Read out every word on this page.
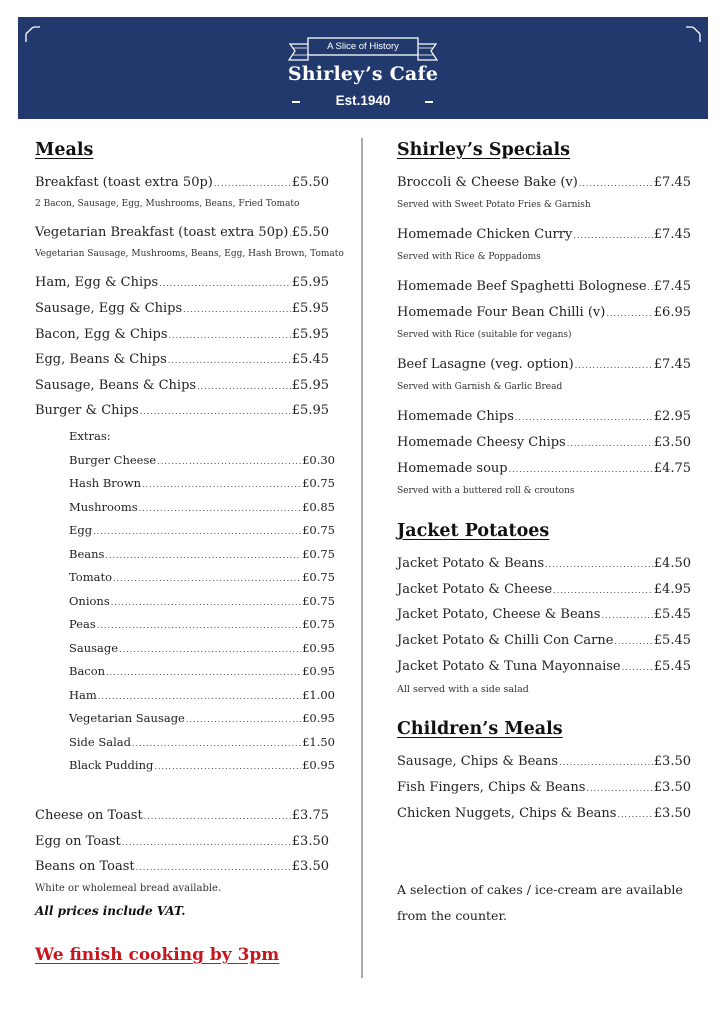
A Slice of History
Shirley’s Cafe
Est.1940
Meals
Breakfast (toast extra 50p) .....	£5.50
2 Bacon, Sausage, Egg, Mushrooms, Beans, Fried Tomato
Vegetarian Breakfast (toast extra 50p) ..... £5.50
Vegetarian Sausage, Mushrooms, Beans, Egg, Hash Brown, Tomato
Ham, Egg & Chips .....	£5.95
Sausage, Egg & Chips .....	£5.95
Bacon, Egg & Chips .....	£5.95
Egg, Beans & Chips .....	£5.45
Sausage, Beans & Chips .....	£5.95
Burger & Chips .....	£5.95
Extras:
Burger Cheese .....	£0.30
Hash Brown .....	£0.75
Mushrooms .....	£0.85
Egg .....	£0.75
Beans .....	£0.75
Tomato .....	£0.75
Onions .....	£0.75
Peas .....	£0.75
Sausage .....	£0.95
Bacon .....	£0.95
Ham .....	£1.00
Vegetarian Sausage .....	£0.95
Side Salad .....	£1.50
Black Pudding .....	£0.95
Cheese on Toast .....	£3.75
Egg on Toast .....	£3.50
Beans on Toast .....	£3.50
White or wholemeal bread available.
All prices include VAT.
We finish cooking by 3pm
Shirley’s Specials
Broccoli & Cheese Bake (v) .....	£7.45
Served with Sweet Potato Fries & Garnish
Homemade Chicken Curry .....	£7.45
Served with Rice & Poppadoms
Homemade Beef Spaghetti Bolognese ..... £7.45
Homemade Four Bean Chilli (v) .....	£6.95
Served with Rice (suitable for vegans)
Beef Lasagne (veg. option) .....	£7.45
Served with Garnish & Garlic Bread
Homemade Chips .....	£2.95
Homemade Cheesy Chips .....	£3.50
Homemade soup .....	£4.75
Served with a buttered roll & croutons
Jacket Potatoes
Jacket Potato & Beans .....	£4.50
Jacket Potato & Cheese .....	£4.95
Jacket Potato, Cheese & Beans .....	£5.45
Jacket Potato & Chilli Con Carne .....	£5.45
Jacket Potato & Tuna Mayonnaise .....	£5.45
All served with a side salad
Children’s Meals
Sausage, Chips & Beans .....	£3.50
Fish Fingers, Chips & Beans .....	£3.50
Chicken Nuggets, Chips & Beans .....	£3.50
A selection of cakes / ice-cream are available from the counter.
